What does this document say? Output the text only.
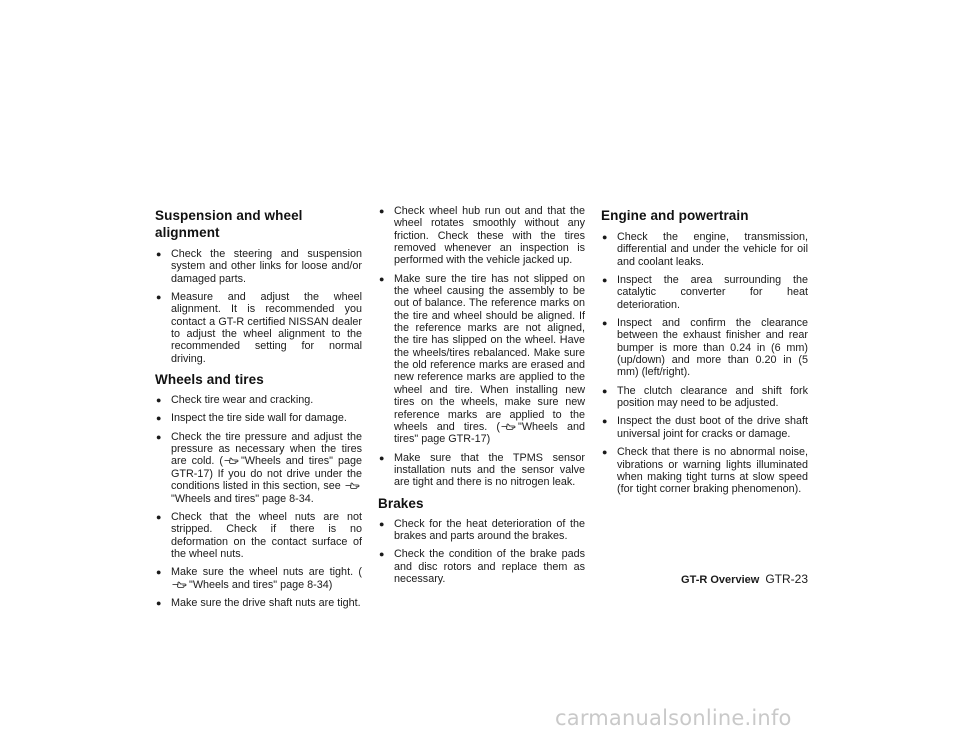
Suspension and wheel alignment
● Check the steering and suspension system and other links for loose and/or damaged parts.
● Measure and adjust the wheel alignment. It is recommended you contact a GT-R certified NISSAN dealer to adjust the wheel alignment to the recommended setting for normal driving.
Wheels and tires
● Check tire wear and cracking.
● Inspect the tire side wall for damage.
● Check the tire pressure and adjust the pressure as necessary when the tires are cold. ( "Wheels and tires" page GTR-17) If you do not drive under the conditions listed in this section, see "Wheels and tires" page 8-34.
● Check that the wheel nuts are not stripped. Check if there is no deformation on the contact surface of the wheel nuts.
● Make sure the wheel nuts are tight. ("Wheels and tires" page 8-34)
● Make sure the drive shaft nuts are tight.
● Check wheel hub run out and that the wheel rotates smoothly without any friction. Check these with the tires removed whenever an inspection is performed with the vehicle jacked up.
● Make sure the tire has not slipped on the wheel causing the assembly to be out of balance. The reference marks on the tire and wheel should be aligned. If the reference marks are not aligned, the tire has slipped on the wheel. Have the wheels/tires rebalanced. Make sure the old reference marks are erased and new reference marks are applied to the wheel and tire. When installing new tires on the wheels, make sure new reference marks are applied to the wheels and tires. ( "Wheels and tires" page GTR-17)
● Make sure that the TPMS sensor installation nuts and the sensor valve are tight and there is no nitrogen leak.
Brakes
● Check for the heat deterioration of the brakes and parts around the brakes.
● Check the condition of the brake pads and disc rotors and replace them as necessary.
Engine and powertrain
● Check the engine, transmission, differential and under the vehicle for oil and coolant leaks.
● Inspect the area surrounding the catalytic converter for heat deterioration.
● Inspect and confirm the clearance between the exhaust finisher and rear bumper is more than 0.24 in (6 mm) (up/down) and more than 0.20 in (5 mm) (left/right).
● The clutch clearance and shift fork position may need to be adjusted.
● Inspect the dust boot of the drive shaft universal joint for cracks or damage.
● Check that there is no abnormal noise, vibrations or warning lights illuminated when making tight turns at slow speed (for tight corner braking phenomenon).
GT-R Overview GTR-23
carmanualsonline.info
